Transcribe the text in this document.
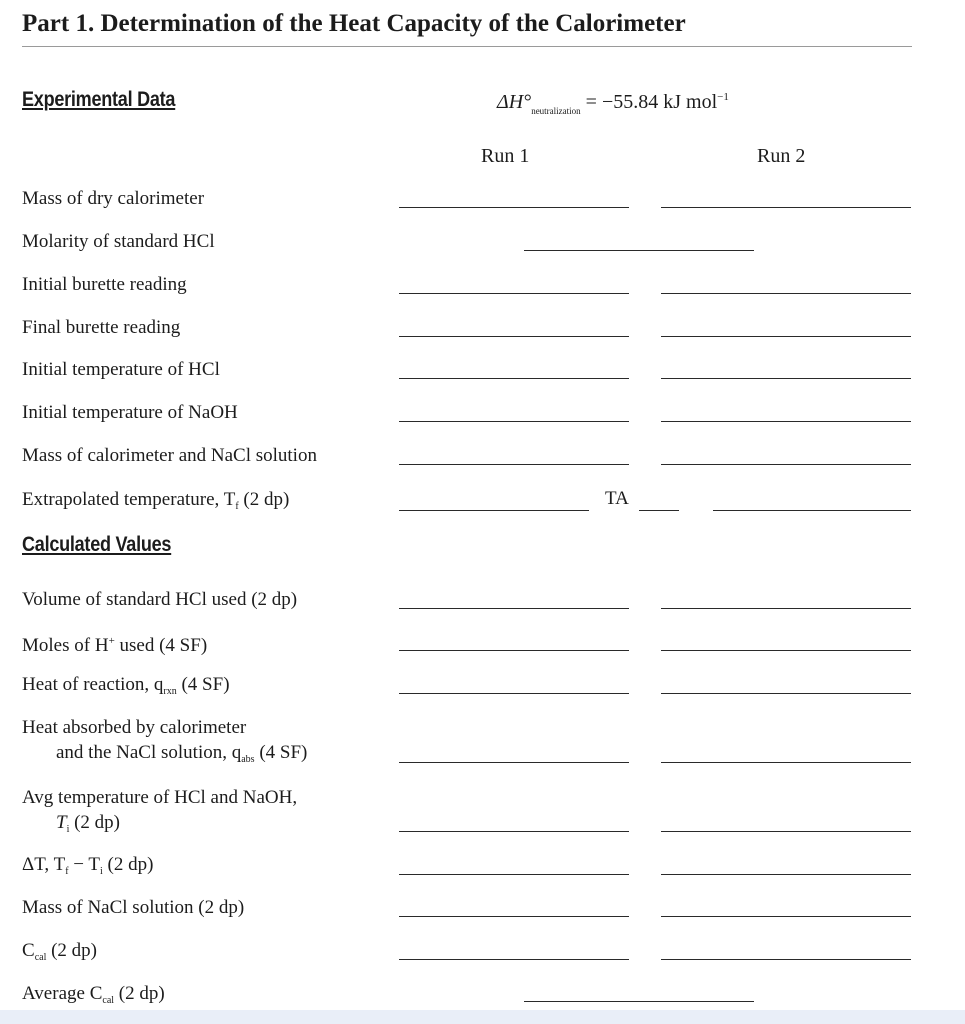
Part 1. Determination of the Heat Capacity of the Calorimeter
Experimental Data	$\Delta H^\circ_{neutralization} = -55.84$ kJ mol$^{-1}$
Run 1	Run 2
Mass of dry calorimeter
Molarity of standard HCl
Initial burette reading
Final burette reading
Initial temperature of HCl
Initial temperature of NaOH
Mass of calorimeter and NaCl solution
Extrapolated temperature, $T_f$ (2 dp)	TA
Calculated Values
Volume of standard HCl used (2 dp)
Moles of H+ used (4 SF)
Heat of reaction, $q_{rxn}$ (4 SF)
Heat absorbed by calorimeter
and the NaCl solution, $q_{abs}$ (4 SF)
Avg temperature of HCl and NaOH,
$T_i$ (2 dp)
ΔT, $T_f - T_i$ (2 dp)
Mass of NaCl solution (2 dp)
$C_{cal}$ (2 dp)
Average $C_{cal}$ (2 dp)
